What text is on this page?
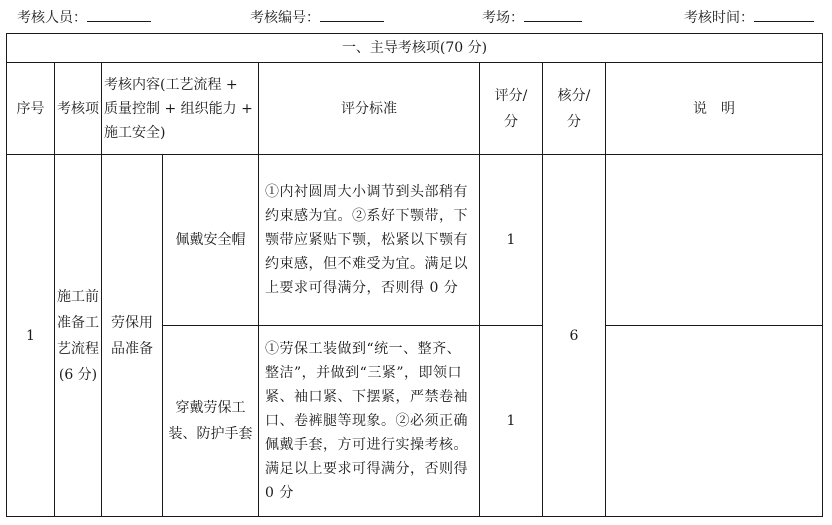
考核人员：	考核编号：	考场：	考核时间：
一、主导考核项(70 分)							
序号	考核项	考核内容(工艺流程 + 质量控制 + 组织能力 + 施工安全)		评分标准	评分/分	核分/分	说　明
1	施工前准备工艺流程(6 分)	劳保用品准备	佩戴安全帽	①内衬圆周大小调节到头部稍有约束感为宜。②系好下颚带，下颚带应紧贴下颚，松紧以下颚有约束感，但不难受为宜。满足以上要求可得满分，否则得 0 分	1	6	
			穿戴劳保工装、防护手套	①劳保工装做到“统一、整齐、整洁”，并做到“三紧”，即领口紧、袖口紧、下摆紧，严禁卷袖口、卷裤腿等现象。②必须正确佩戴手套，方可进行实操考核。满足以上要求可得满分，否则得 0 分	1		
